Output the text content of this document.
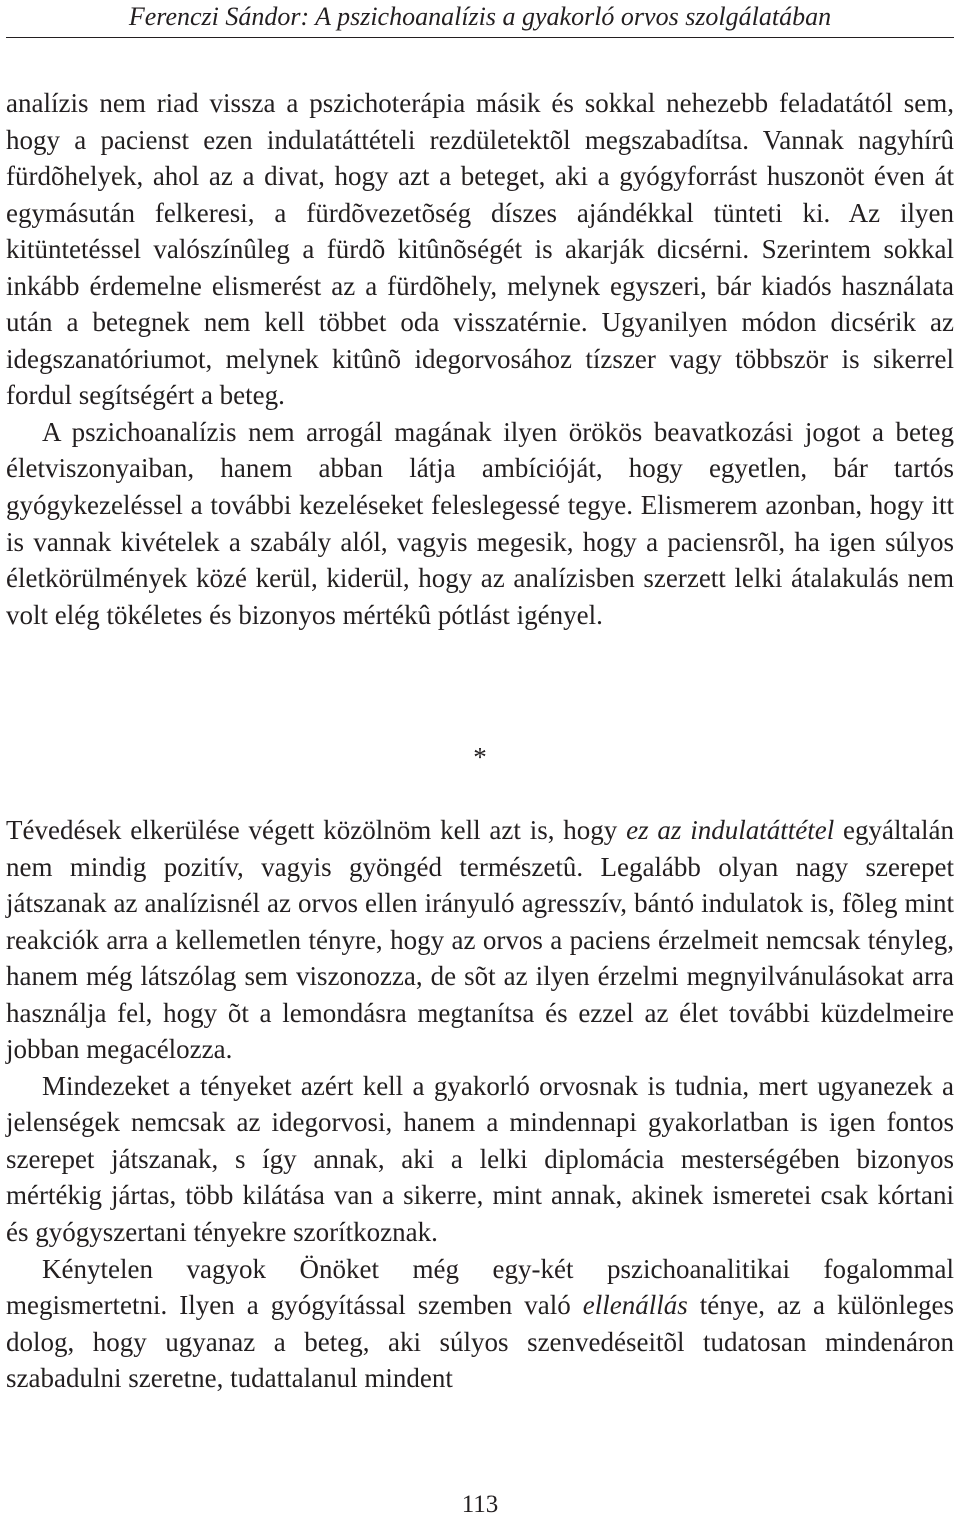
Ferenczi Sándor: A pszichoanalízis a gyakorló orvos szolgálatában

analízis nem riad vissza a pszichoterápia másik és sokkal nehezebb feladatától sem, hogy a pacienst ezen indulatáttételi rezdületektõl megszabadítsa. Vannak nagyhírû fürdõhelyek, ahol az a divat, hogy azt a beteget, aki a gyógyforrást huszonöt éven át egymásután felkeresi, a fürdõvezetõség díszes ajándékkal tünteti ki. Az ilyen kitüntetéssel valószínûleg a fürdõ kitûnõségét is akarják dicsérni. Szerintem sokkal inkább érdemelne elismerést az a fürdõhely, melynek egyszeri, bár kiadós használata után a betegnek nem kell többet oda visszatérnie. Ugyanilyen módon dicsérik az idegszanatóriumot, melynek kitûnõ idegorvosához tízszer vagy többször is sikerrel fordul segítségért a beteg.

A pszichoanalízis nem arrogál magának ilyen örökös beavatkozási jogot a beteg életviszonyaiban, hanem abban látja ambícióját, hogy egyetlen, bár tartós gyógykezeléssel a további kezeléseket feleslegessé tegye. Elismerem azonban, hogy itt is vannak kivételek a szabály alól, vagyis megesik, hogy a paciensrõl, ha igen súlyos életkörülmények közé kerül, kiderül, hogy az analízisben szerzett lelki átalakulás nem volt elég tökéletes és bizonyos mértékû pótlást igényel.

*

Tévedések elkerülése végett közölnöm kell azt is, hogy ez az indulatáttétel egyáltalán nem mindig pozitív, vagyis gyöngéd természetû. Legalább olyan nagy szerepet játszanak az analízisnél az orvos ellen irányuló agresszív, bántó indulatok is, fõleg mint reakciók arra a kellemetlen tényre, hogy az orvos a paciens érzelmeit nemcsak tényleg, hanem még látszólag sem viszonozza, de sõt az ilyen érzelmi megnyilvánulásokat arra használja fel, hogy õt a lemondásra megtanítsa és ezzel az élet további küzdelmeire jobban megacélozza.

Mindezeket a tényeket azért kell a gyakorló orvosnak is tudnia, mert ugyanezek a jelenségek nemcsak az idegorvosi, hanem a mindennapi gyakorlatban is igen fontos szerepet játszanak, s így annak, aki a lelki diplomácia mesterségében bizonyos mértékig jártas, több kilátása van a sikerre, mint annak, akinek ismeretei csak kórtani és gyógyszertani tényekre szorítkoznak.

Kénytelen vagyok Önöket még egy-két pszichoanalitikai fogalommal megismertetni. Ilyen a gyógyítással szemben való ellenállás ténye, az a különleges dolog, hogy ugyanaz a beteg, aki súlyos szenvedéseitõl tudatosan mindenáron szabadulni szeretne, tudattalanul mindent

113
